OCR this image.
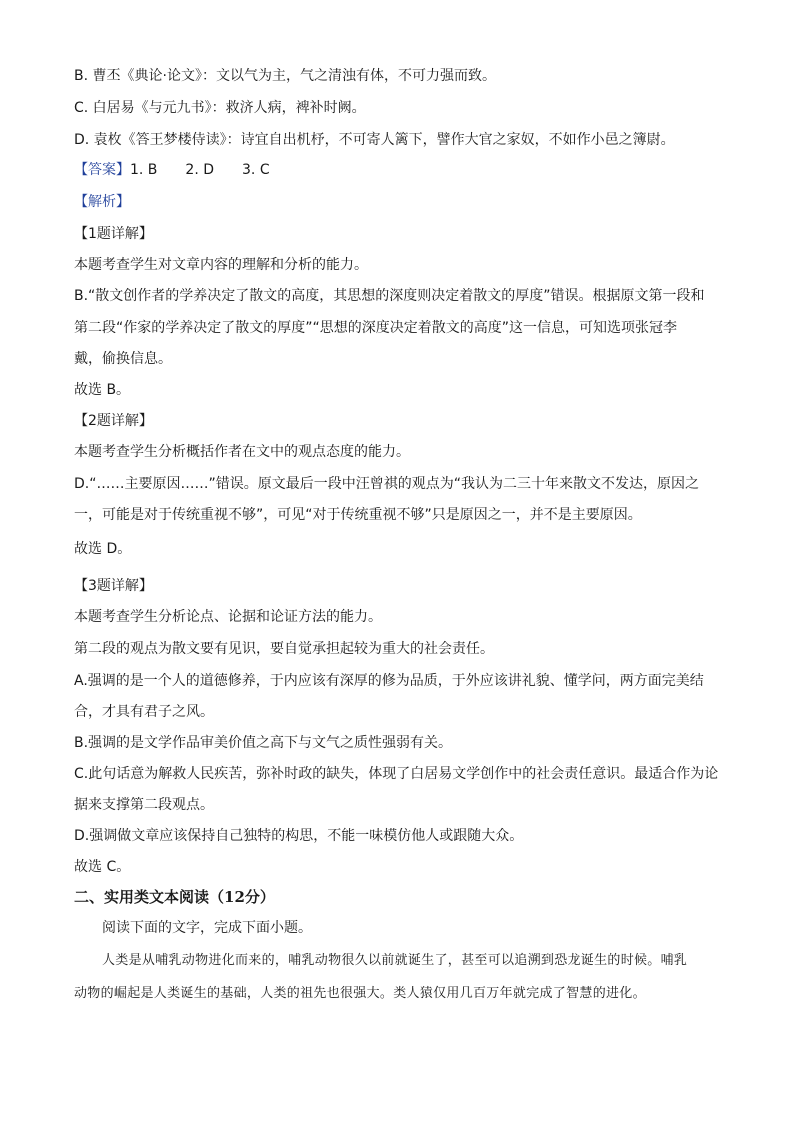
B. 曹丕《典论·论文》：文以气为主，气之清浊有体，不可力强而致。
C. 白居易《与元九书》：救济人病，裨补时阙。
D. 袁枚《答王梦楼侍读》：诗宜自出机杼，不可寄人篱下，譬作大官之家奴，不如作小邑之簿尉。
【答案】1. B 2. D 3. C
【解析】
【1题详解】
本题考查学生对文章内容的理解和分析的能力。
B.“散文创作者的学养决定了散文的高度，其思想的深度则决定着散文的厚度”错误。根据原文第一段和
第二段“作家的学养决定了散文的厚度”“思想的深度决定着散文的高度”这一信息，可知选项张冠李
戴，偷换信息。
故选 B。
【2题详解】
本题考查学生分析概括作者在文中的观点态度的能力。
D.“……主要原因……”错误。原文最后一段中汪曾祺的观点为“我认为二三十年来散文不发达，原因之
一，可能是对于传统重视不够”，可见“对于传统重视不够”只是原因之一，并不是主要原因。
故选 D。
【3题详解】
本题考查学生分析论点、论据和论证方法的能力。
第二段的观点为散文要有见识，要自觉承担起较为重大的社会责任。
A.强调的是一个人的道德修养，于内应该有深厚的修为品质，于外应该讲礼貌、懂学问，两方面完美结
合，才具有君子之风。
B.强调的是文学作品审美价值之高下与文气之质性强弱有关。
C.此句话意为解救人民疾苦，弥补时政的缺失，体现了白居易文学创作中的社会责任意识。最适合作为论
据来支撑第二段观点。
D.强调做文章应该保持自己独特的构思，不能一味模仿他人或跟随大众。
故选 C。
二、实用类文本阅读（12分）
阅读下面的文字，完成下面小题。
人类是从哺乳动物进化而来的，哺乳动物很久以前就诞生了，甚至可以追溯到恐龙诞生的时候。哺乳
动物的崛起是人类诞生的基础，人类的祖先也很强大。类人猿仅用几百万年就完成了智慧的进化。
